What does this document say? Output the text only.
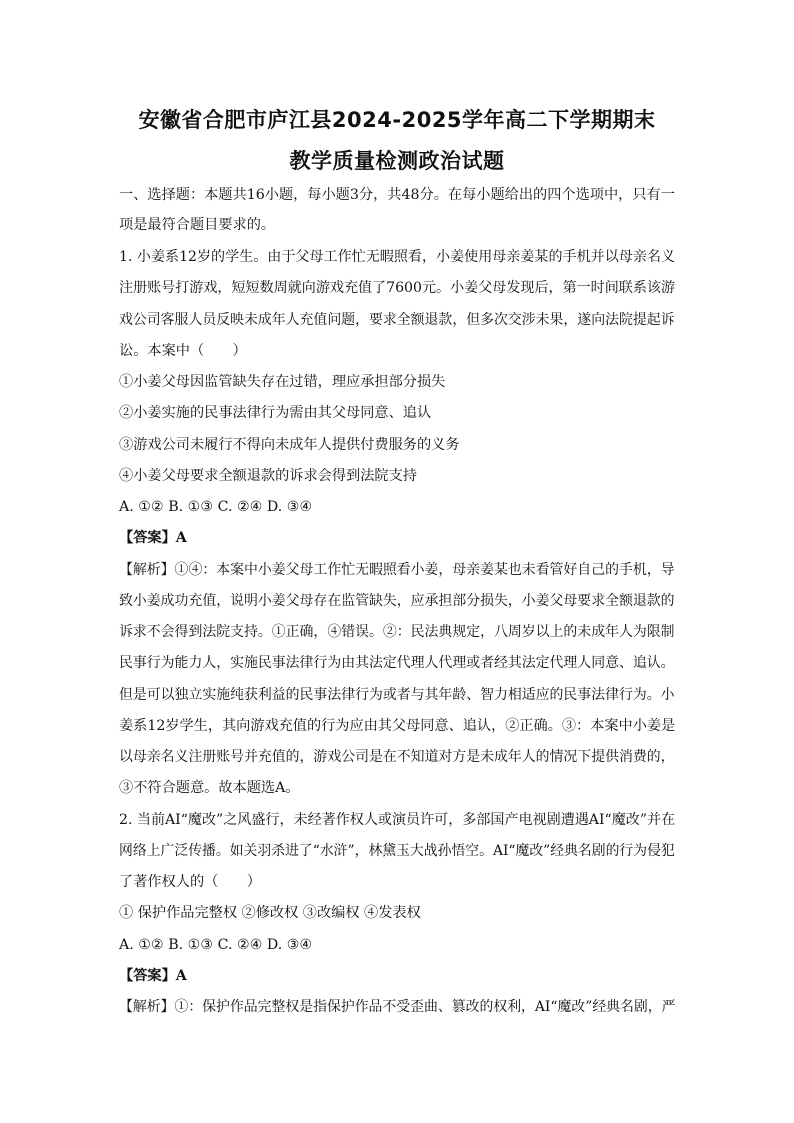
安徽省合肥市庐江县2024-2025学年高二下学期期末
教学质量检测政治试题
一、选择题：本题共16小题，每小题3分，共48分。在每小题给出的四个选项中，只有一
项是最符合题目要求的。
1. 小姜系12岁的学生。由于父母工作忙无暇照看，小姜使用母亲姜某的手机并以母亲名义
注册账号打游戏，短短数周就向游戏充值了7600元。小姜父母发现后，第一时间联系该游
戏公司客服人员反映未成年人充值问题，要求全额退款，但多次交涉未果，遂向法院提起诉
讼。本案中（　　）
①小姜父母因监管缺失存在过错，理应承担部分损失
②小姜实施的民事法律行为需由其父母同意、追认
③游戏公司未履行不得向未成年人提供付费服务的义务
④小姜父母要求全额退款的诉求会得到法院支持
A. ①② B. ①③ C. ②④ D. ③④
【答案】A
【解析】①④：本案中小姜父母工作忙无暇照看小姜，母亲姜某也未看管好自己的手机，导
致小姜成功充值，说明小姜父母存在监管缺失，应承担部分损失，小姜父母要求全额退款的
诉求不会得到法院支持。①正确，④错误。②：民法典规定，八周岁以上的未成年人为限制
民事行为能力人，实施民事法律行为由其法定代理人代理或者经其法定代理人同意、追认。
但是可以独立实施纯获利益的民事法律行为或者与其年龄、智力相适应的民事法律行为。小
姜系12岁学生，其向游戏充值的行为应由其父母同意、追认，②正确。③：本案中小姜是
以母亲名义注册账号并充值的，游戏公司是在不知道对方是未成年人的情况下提供消费的，
③不符合题意。故本题选A。
2. 当前AI“魔改”之风盛行，未经著作权人或演员许可，多部国产电视剧遭遇AI“魔改”并在
网络上广泛传播。如关羽杀进了“水浒”，林黛玉大战孙悟空。AI“魔改”经典名剧的行为侵犯
了著作权人的（　　）
① 保护作品完整权 ②修改权 ③改编权 ④发表权
A. ①② B. ①③ C. ②④ D. ③④
【答案】A
【解析】①：保护作品完整权是指保护作品不受歪曲、篡改的权利，AI“魔改”经典名剧，严
